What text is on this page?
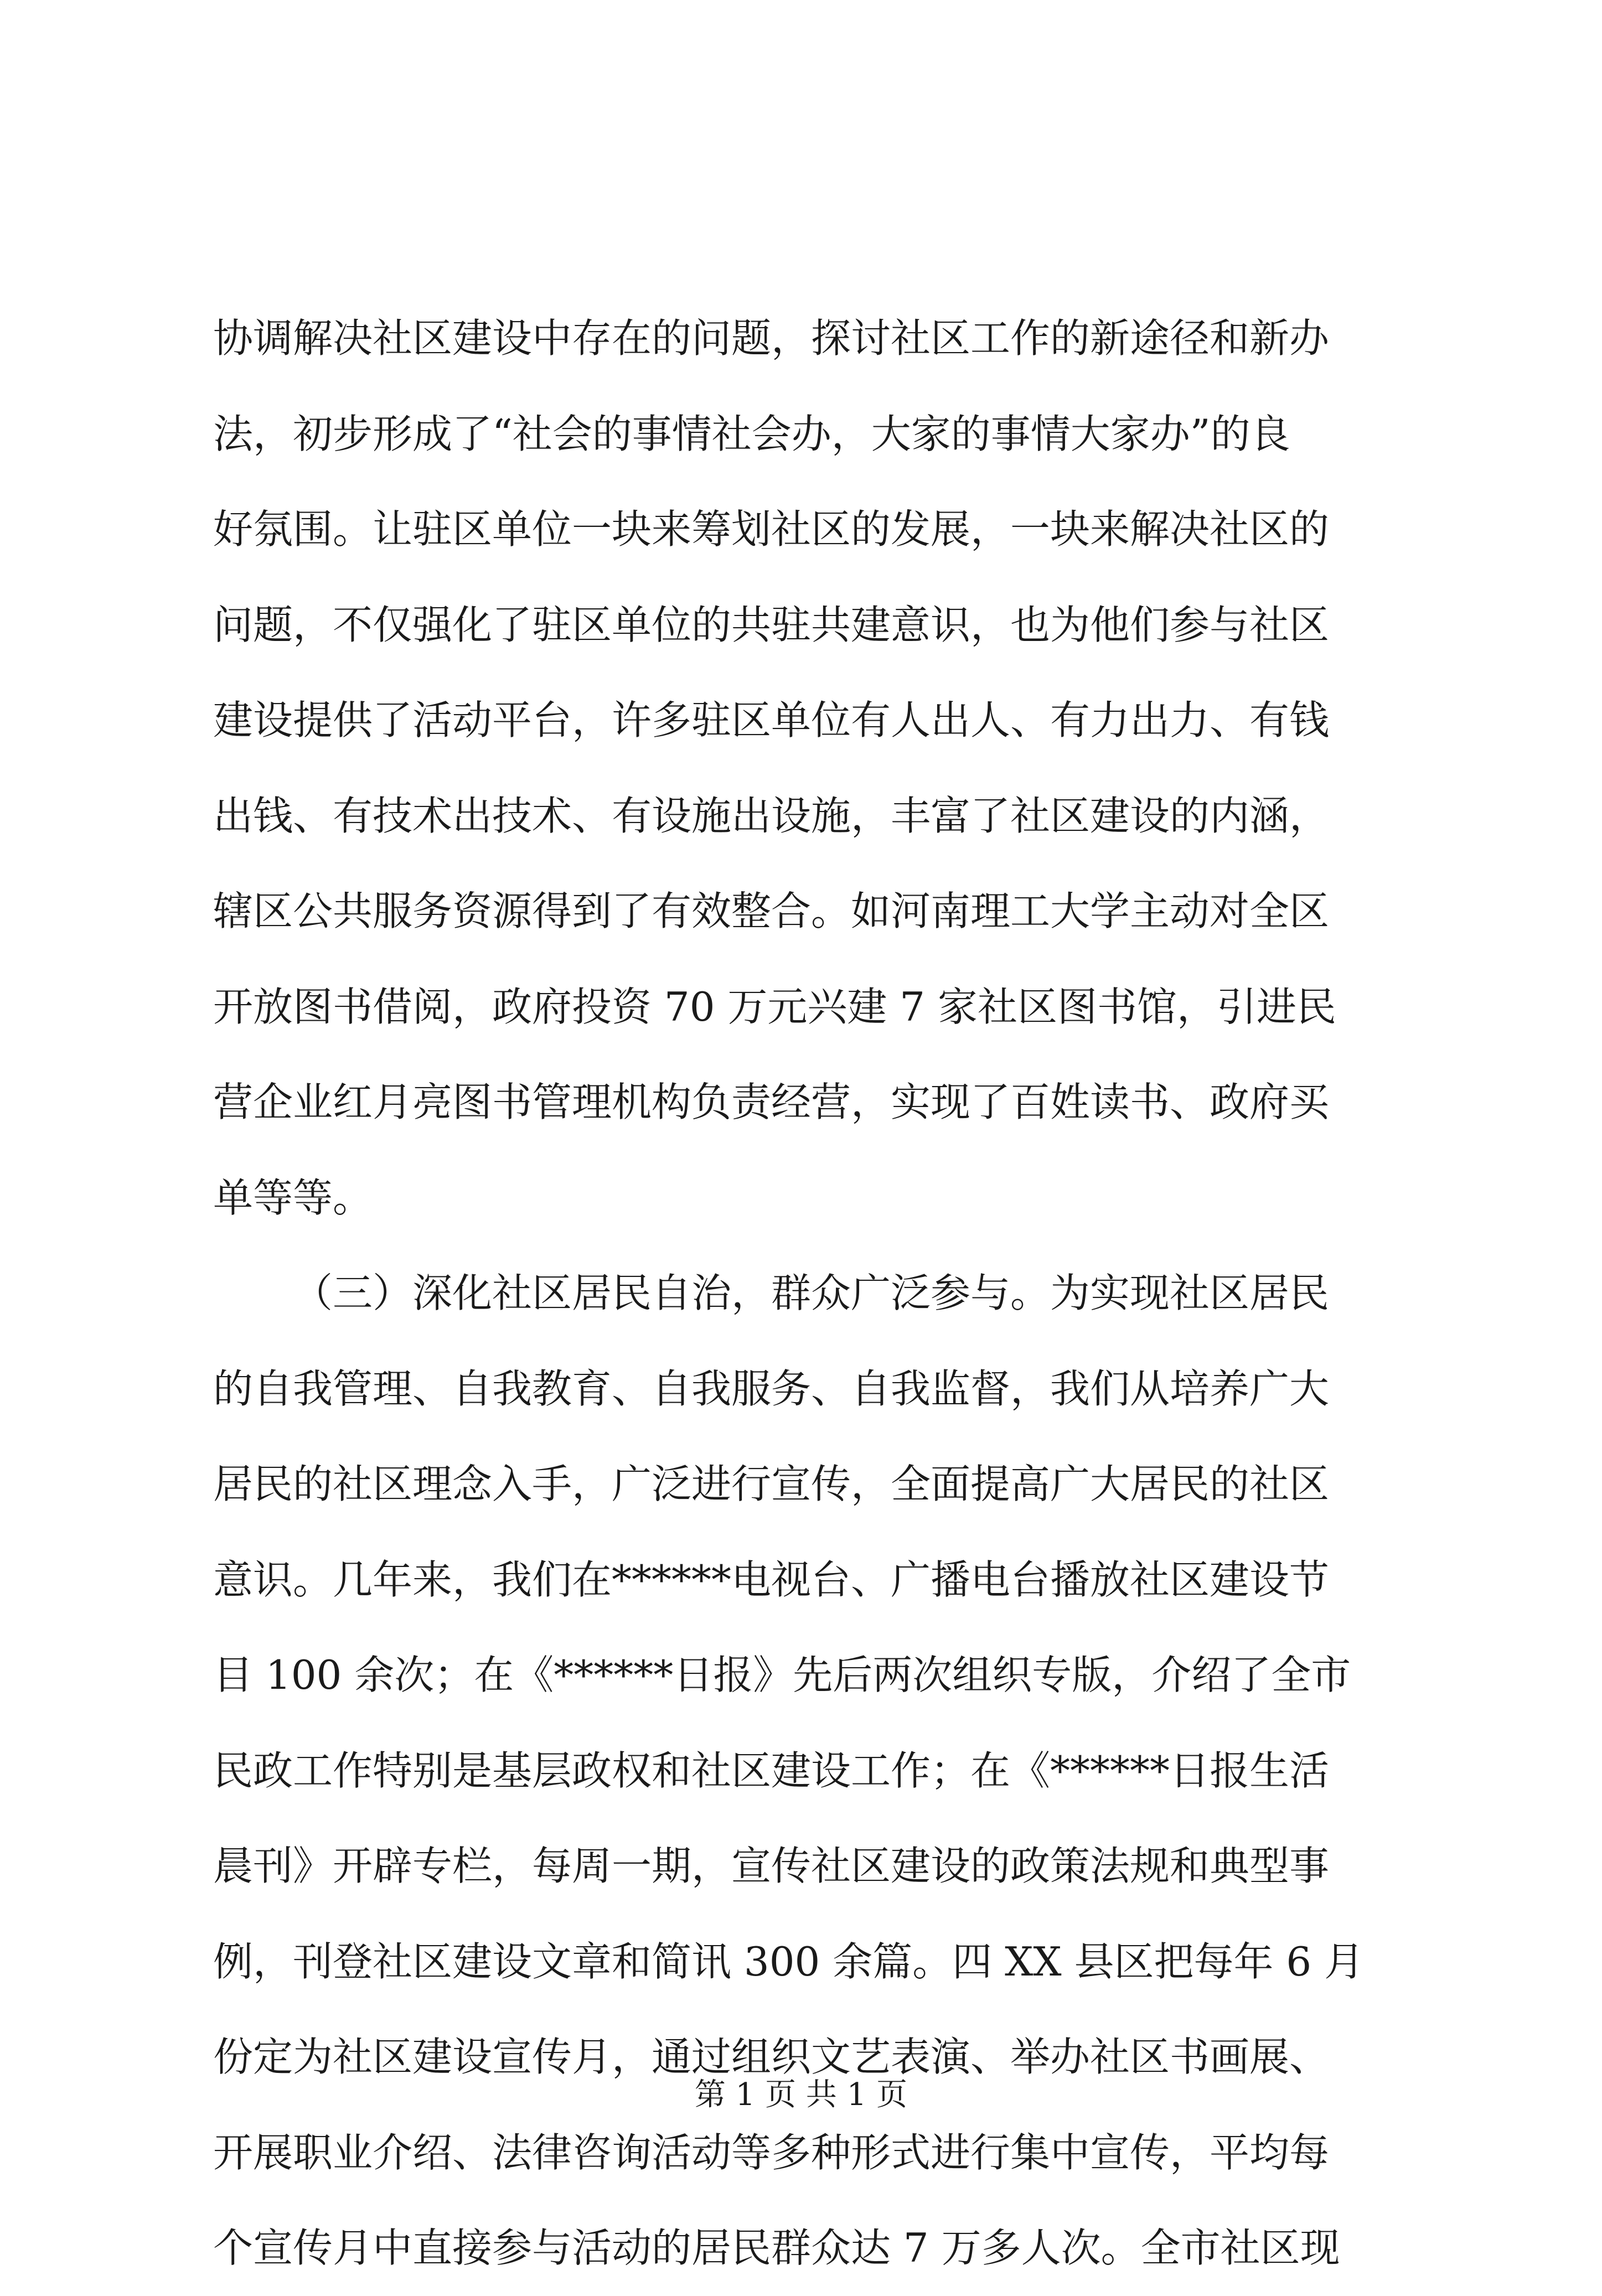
协调解决社区建设中存在的问题，探讨社区工作的新途径和新办
法，初步形成了“社会的事情社会办，大家的事情大家办”的良
好氛围。让驻区单位一块来筹划社区的发展，一块来解决社区的
问题，不仅强化了驻区单位的共驻共建意识，也为他们参与社区
建设提供了活动平台，许多驻区单位有人出人、有力出力、有钱
出钱、有技术出技术、有设施出设施，丰富了社区建设的内涵，
辖区公共服务资源得到了有效整合。如河南理工大学主动对全区
开放图书借阅，政府投资 70 万元兴建 7 家社区图书馆，引进民
营企业红月亮图书管理机构负责经营，实现了百姓读书、政府买
单等等。
（三）深化社区居民自治，群众广泛参与。为实现社区居民
的自我管理、自我教育、自我服务、自我监督，我们从培养广大
居民的社区理念入手，广泛进行宣传，全面提高广大居民的社区
意识。几年来，我们在******电视台、广播电台播放社区建设节
目 100 余次；在《******日报》先后两次组织专版，介绍了全市
民政工作特别是基层政权和社区建设工作；在《******日报生活
晨刊》开辟专栏，每周一期，宣传社区建设的政策法规和典型事
例，刊登社区建设文章和简讯 300 余篇。四 XX 县区把每年 6 月
份定为社区建设宣传月，通过组织文艺表演、举办社区书画展、
开展职业介绍、法律咨询活动等多种形式进行集中宣传，平均每
个宣传月中直接参与活动的居民群众达 7 万多人次。全市社区现
第 1 页 共 1 页
